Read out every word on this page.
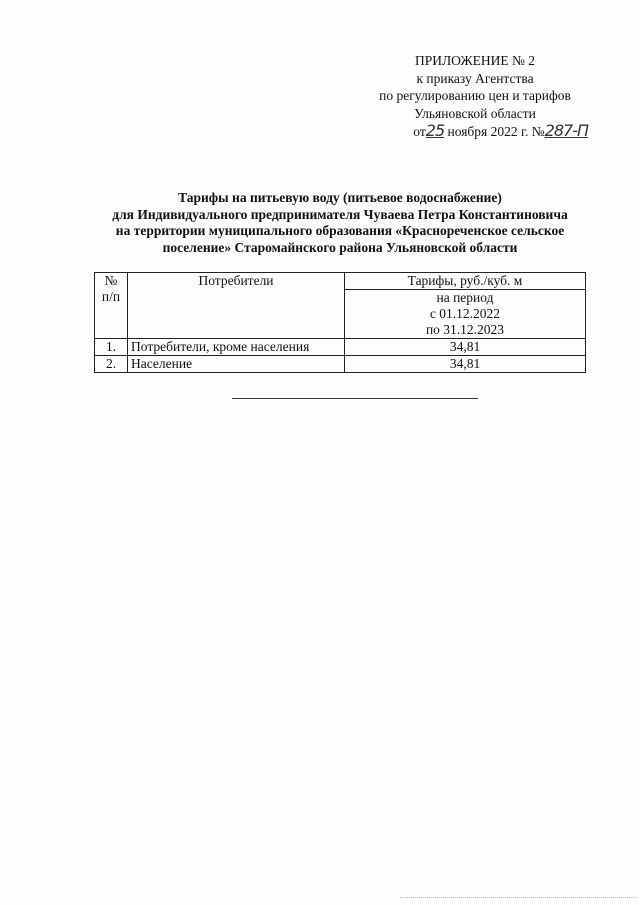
ПРИЛОЖЕНИЕ № 2
к приказу Агентства
по регулированию цен и тарифов
Ульяновской области
от25 ноября 2022 г. №287-П
Тарифы на питьевую воду (питьевое водоснабжение)
для Индивидуального предпринимателя Чуваева Петра Константиновича
на территории муниципального образования «Краснореченское сельское
поселение» Старомайнского района Ульяновской области
№ п/п	Потребители	Тарифы, руб./куб. м

		на период
с 01.12.2022
по 31.12.2023

1.	Потребители, кроме населения	34,81
2.	Население	34,81
